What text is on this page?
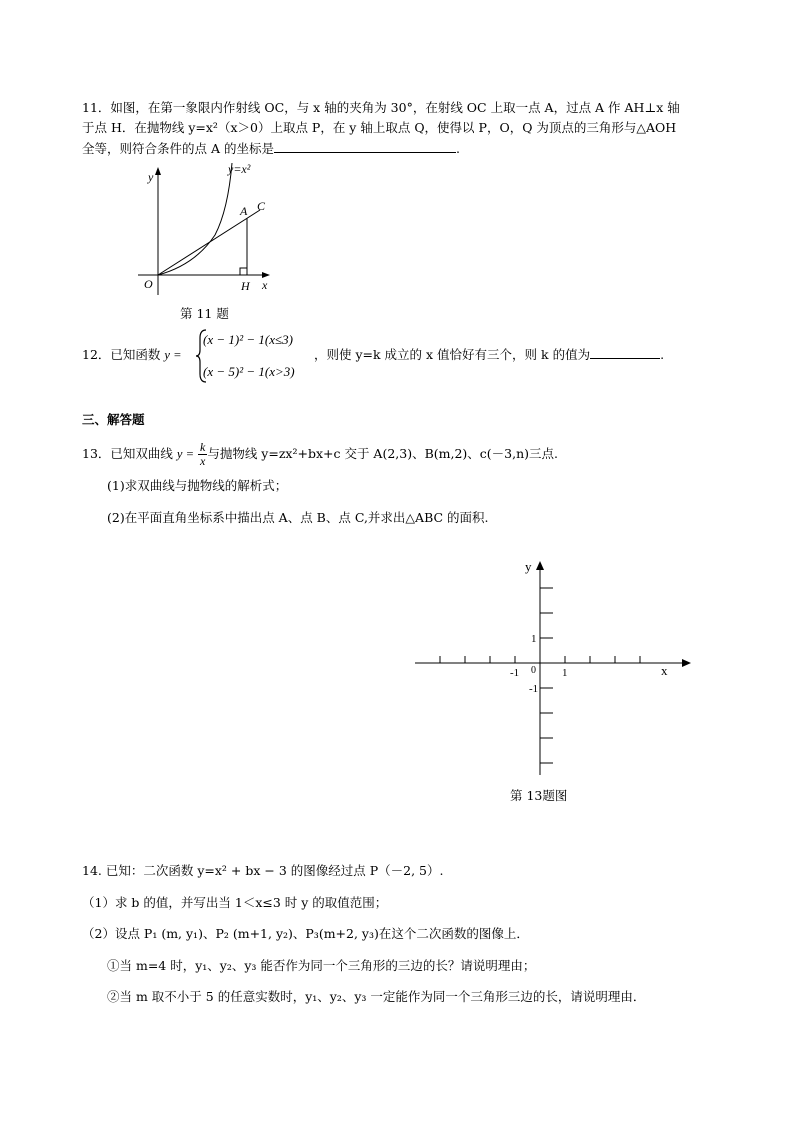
11．如图，在第一象限内作射线 OC，与 x 轴的夹角为 30°，在射线 OC 上取一点 A，过点 A 作 AH⊥x 轴
于点 H．在抛物线 y=x²（x＞0）上取点 P，在 y 轴上取点 Q，使得以 P，O，Q 为顶点的三角形与△AOH
全等，则符合条件的点 A 的坐标是	.
y=x²
y
x
O	H
A C
第 11 题
12．已知函数 y =
(x − 1)² − 1(x≤3)
(x − 5)² − 1(x>3)
，则使 y=k 成立的 x 值恰好有三个，则 k 的值为	.
三、解答题
13．已知双曲线 $y = \frac{k}{x}$ 与抛物线 y=zx²+bx+c 交于 A(2,3)、B(m,2)、c(－3,n)三点.
(1)求双曲线与抛物线的解析式；
(2)在平面直角坐标系中描出点 A、点 B、点 C,并求出△ABC 的面积.
y
x
0
1
-1
1
-1
第 13题图
14. 已知：二次函数 y=x² + bx − 3 的图像经过点 P（－2, 5）.
（1）求 b 的值，并写出当 1＜x≤3 时 y 的取值范围；
（2）设点 P₁ (m, y₁)、P₂ (m+1, y₂)、P₃(m+2, y₃)在这个二次函数的图像上．
①当 m=4 时，y₁、y₂、y₃ 能否作为同一个三角形的三边的长？请说明理由；
②当 m 取不小于 5 的任意实数时，y₁、y₂、y₃ 一定能作为同一个三角形三边的长，请说明理由．
